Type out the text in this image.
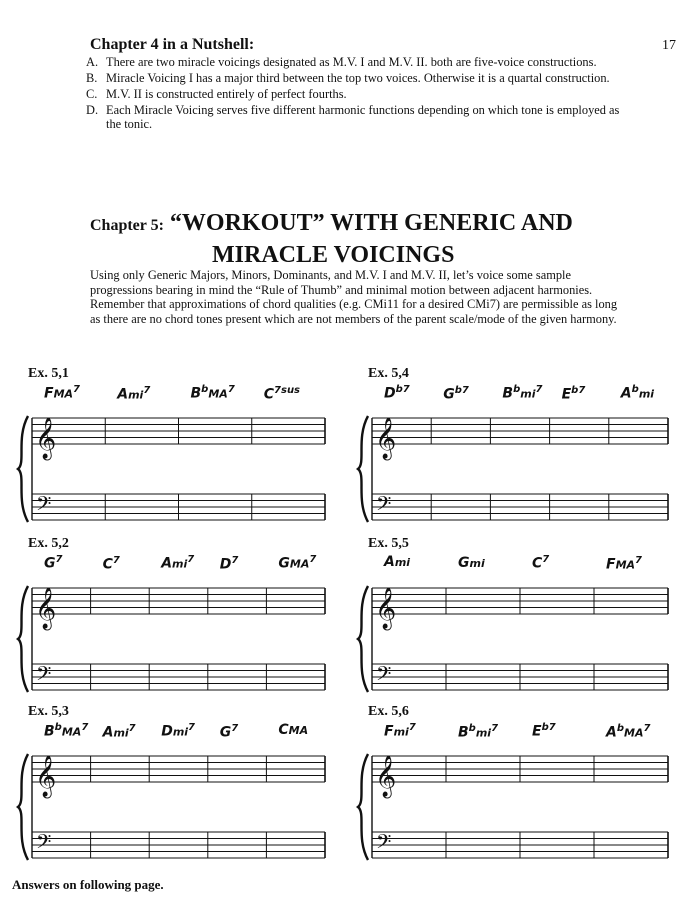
17
Chapter 4 in a Nutshell:
A. There are two miracle voicings designated as M.V. I and M.V. II. both are five-voice constructions.
B. Miracle Voicing I has a major third between the top two voices. Otherwise it is a quartal construction.
C. M.V. II is constructed entirely of perfect fourths.
D. Each Miracle Voicing serves five different harmonic functions depending on which tone is employed as the tonic.
Chapter 5: “WORKOUT” WITH GENERIC AND
MIRACLE VOICINGS

Using only Generic Majors, Minors, Dominants, and M.V. I and M.V. II, let’s voice some sample progressions bearing in mind the “Rule of Thumb” and minimal motion between adjacent harmonies. Remember that approximations of chord qualities (e.g. CMi11 for a desired CMi7) are permissible as long as there are no chord tones present which are not members of the parent scale/mode of the given harmony.

Ex. 5,1
FMA$^7$	Ami$^7$	$B^bMA^7$ $C^{7sus}$
𝄞
𝄢
Ex. 5,4
$D^{b7}$ $G^{b7}$ $B^bmi^7$ $E^{b7}$	$A^bmi$
𝄞
𝄢
Ex. 5,2
$G^7$	$C^7$	Ami$^7$ $D^7$	GMA$^7$
𝄞
𝄢
Ex. 5,5
Ami	Gmi	$C^7$	FMA$^7$
𝄞
𝄢
Ex. 5,3
$B^bMA^7$ Ami$^7$ Dmi$^7$ $G^7$	CMA
𝄞
𝄢
Ex. 5,6
Fmi$^7$	$B^bmi^7$ $E^{b7}$	$A^bMA^7$
𝄞
𝄢
Answers on following page.
